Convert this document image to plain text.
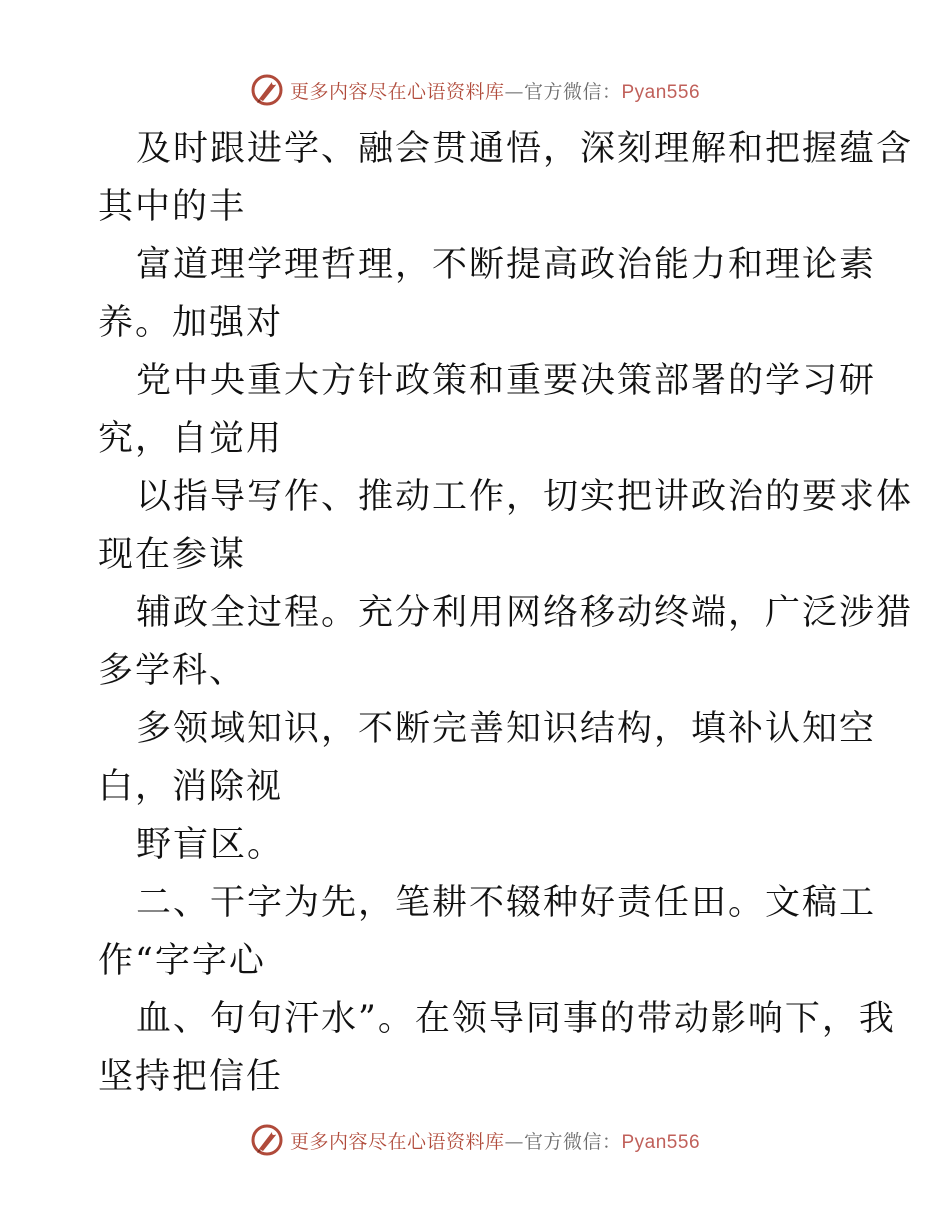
更多内容尽在心语资料库—官方微信：Pyan556

及时跟进学、融会贯通悟，深刻理解和把握蕴含
其中的丰

富道理学理哲理，不断提高政治能力和理论素
养。加强对

党中央重大方针政策和重要决策部署的学习研
究，自觉用

以指导写作、推动工作，切实把讲政治的要求体
现在参谋

辅政全过程。充分利用网络移动终端，广泛涉猎
多学科、

多领域知识，不断完善知识结构，填补认知空
白，消除视

野盲区。

二、干字为先，笔耕不辍种好责任田。文稿工
作“字字心

血、句句汗水”。在领导同事的带动影响下，我
坚持把信任

更多内容尽在心语资料库—官方微信：Pyan556
